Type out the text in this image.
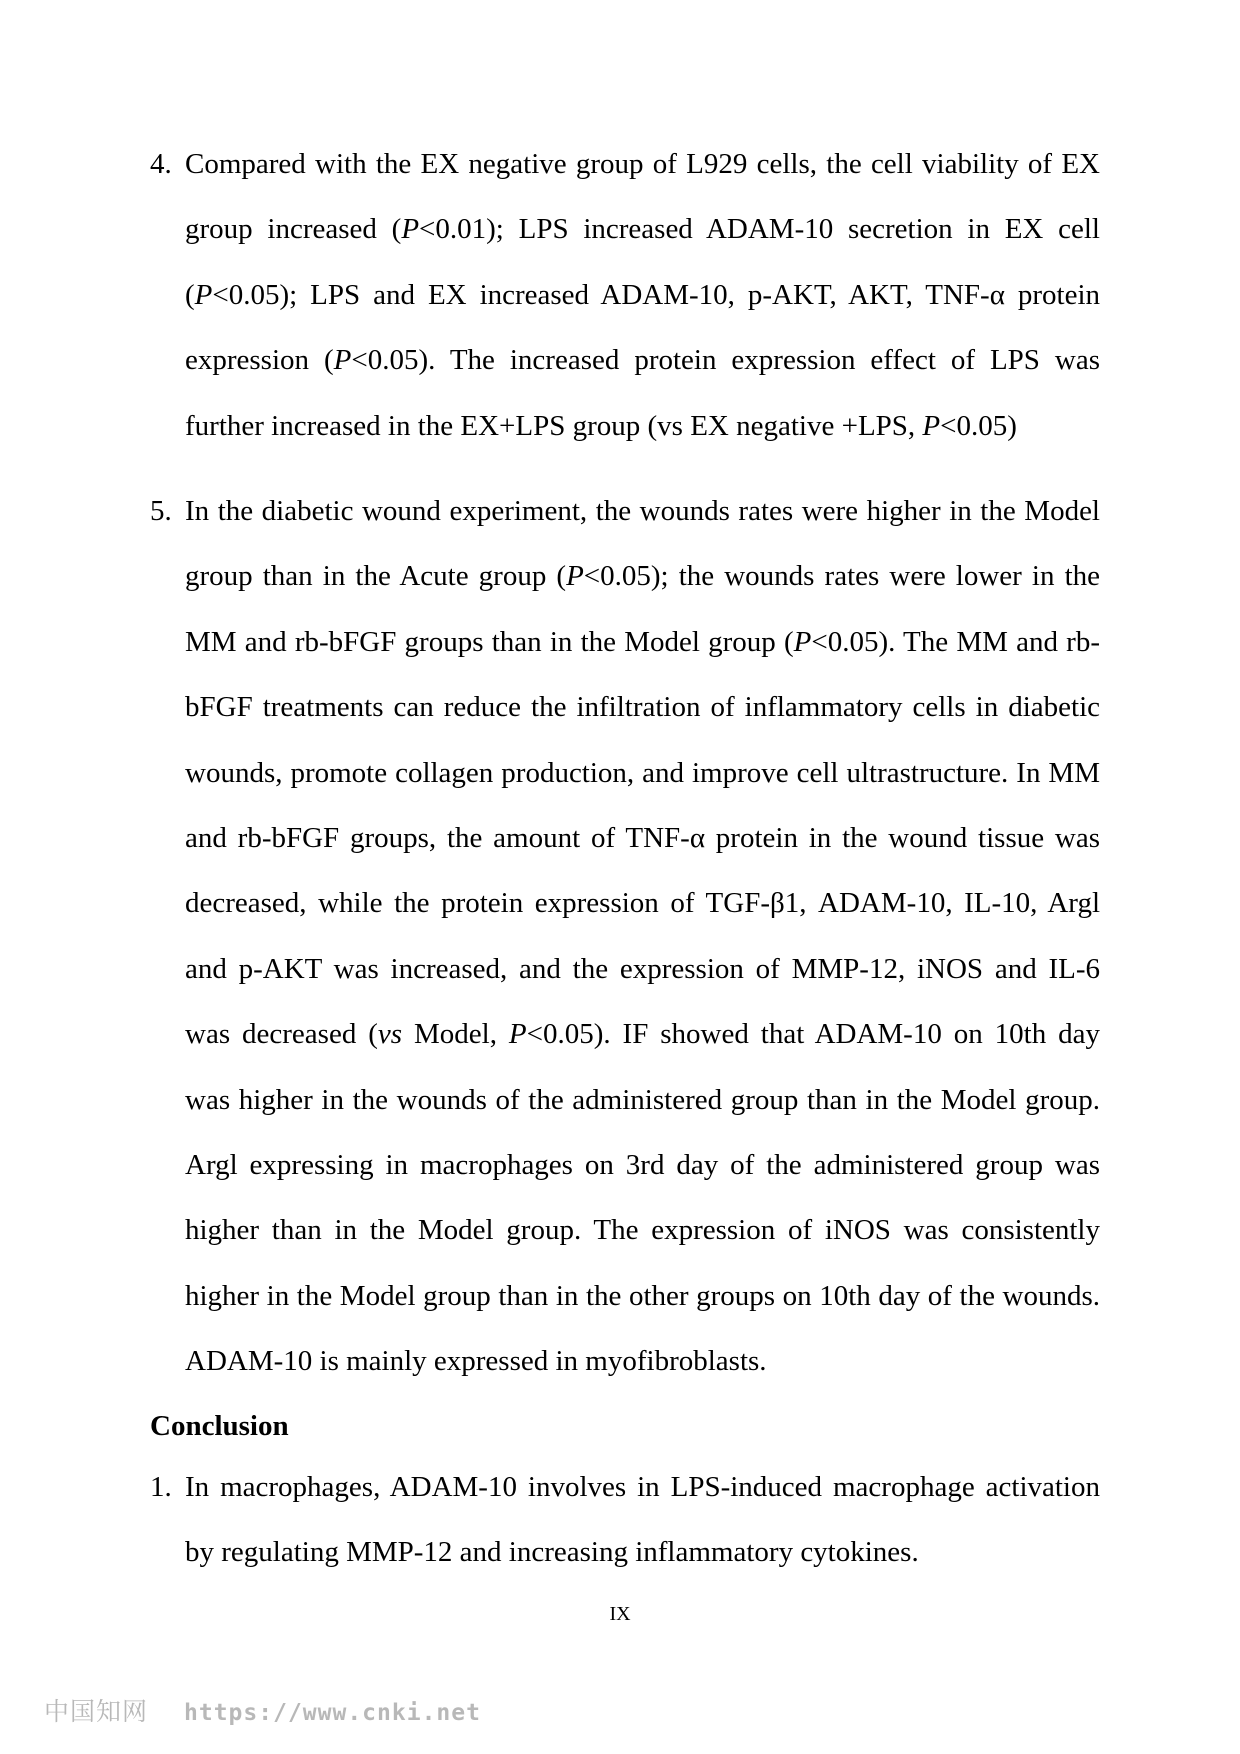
4. Compared with the EX negative group of L929 cells, the cell viability of EX group increased (P<0.01); LPS increased ADAM-10 secretion in EX cell (P<0.05); LPS and EX increased ADAM-10, p-AKT, AKT, TNF-α protein expression (P<0.05). The increased protein expression effect of LPS was further increased in the EX+LPS group (vs EX negative +LPS, P<0.05)
5. In the diabetic wound experiment, the wounds rates were higher in the Model group than in the Acute group (P<0.05); the wounds rates were lower in the MM and rb-bFGF groups than in the Model group (P<0.05). The MM and rb-bFGF treatments can reduce the infiltration of inflammatory cells in diabetic wounds, promote collagen production, and improve cell ultrastructure. In MM and rb-bFGF groups, the amount of TNF-α protein in the wound tissue was decreased, while the protein expression of TGF-β1, ADAM-10, IL-10, Argl and p-AKT was increased, and the expression of MMP-12, iNOS and IL-6 was decreased (vs Model, P<0.05). IF showed that ADAM-10 on 10th day was higher in the wounds of the administered group than in the Model group. Argl expressing in macrophages on 3rd day of the administered group was higher than in the Model group. The expression of iNOS was consistently higher in the Model group than in the other groups on 10th day of the wounds. ADAM-10 is mainly expressed in myofibroblasts.
Conclusion
1. In macrophages, ADAM-10 involves in LPS-induced macrophage activation by regulating MMP-12 and increasing inflammatory cytokines.
IX
中国知网 https://www.cnki.net
